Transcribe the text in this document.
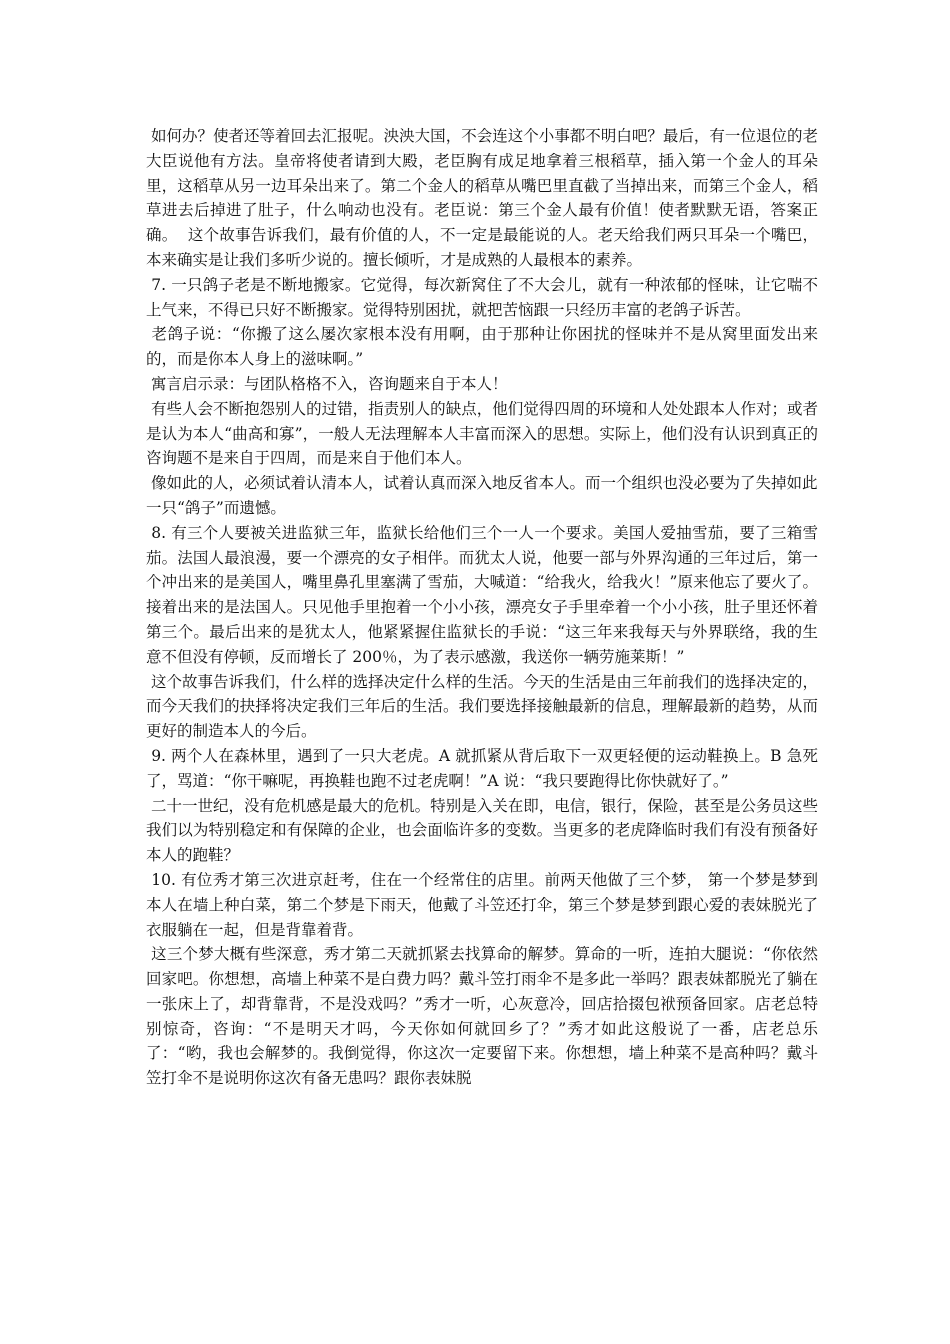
如何办？使者还等着回去汇报呢。泱泱大国，不会连这个小事都不明白吧？最后，有一位退位的老大臣说他有方法。皇帝将使者请到大殿，老臣胸有成足地拿着三根稻草，插入第一个金人的耳朵里，这稻草从另一边耳朵出来了。第二个金人的稻草从嘴巴里直截了当掉出来，而第三个金人，稻草进去后掉进了肚子，什么响动也没有。老臣说：第三个金人最有价值！使者默默无语，答案正确。  这个故事告诉我们，最有价值的人，不一定是最能说的人。老天给我们两只耳朵一个嘴巴，本来确实是让我们多听少说的。擅长倾听，才是成熟的人最根本的素养。

7. 一只鸽子老是不断地搬家。它觉得，每次新窝住了不大会儿，就有一种浓郁的怪味，让它喘不上气来，不得已只好不断搬家。觉得特别困扰，就把苦恼跟一只经历丰富的老鸽子诉苦。

老鸽子说：“你搬了这么屡次家根本没有用啊，由于那种让你困扰的怪味并不是从窝里面发出来的，而是你本人身上的滋味啊。”

寓言启示录：与团队格格不入，咨询题来自于本人！

有些人会不断抱怨别人的过错，指责别人的缺点，他们觉得四周的环境和人处处跟本人作对；或者是认为本人“曲高和寡”，一般人无法理解本人丰富而深入的思想。实际上，他们没有认识到真正的咨询题不是来自于四周，而是来自于他们本人。

像如此的人，必须试着认清本人，试着认真而深入地反省本人。而一个组织也没必要为了失掉如此

一只“鸽子”而遗憾。

8. 有三个人要被关进监狱三年，监狱长给他们三个一人一个要求。美国人爱抽雪茄，要了三箱雪茄。法国人最浪漫，要一个漂亮的女子相伴。而犹太人说，他要一部与外界沟通的三年过后，第一个冲出来的是美国人，嘴里鼻孔里塞满了雪茄，大喊道：“给我火，给我火！”原来他忘了要火了。接着出来的是法国人。只见他手里抱着一个小小孩，漂亮女子手里牵着一个小小孩，肚子里还怀着第三个。最后出来的是犹太人，他紧紧握住监狱长的手说：“这三年来我每天与外界联络，我的生意不但没有停顿，反而增长了 200％，为了表示感激，我送你一辆劳施莱斯！”

这个故事告诉我们，什么样的选择决定什么样的生活。今天的生活是由三年前我们的选择决定的，而今天我们的抉择将决定我们三年后的生活。我们要选择接触最新的信息，理解最新的趋势，从而更好的制造本人的今后。

9. 两个人在森林里，遇到了一只大老虎。A 就抓紧从背后取下一双更轻便的运动鞋换上。B 急死了，骂道：“你干嘛呢，再换鞋也跑不过老虎啊！”A 说：“我只要跑得比你快就好了。”

二十一世纪，没有危机感是最大的危机。特别是入关在即，电信，银行，保险，甚至是公务员这些我们以为特别稳定和有保障的企业，也会面临许多的变数。当更多的老虎降临时我们有没有预备好本人的跑鞋？

10. 有位秀才第三次进京赶考，住在一个经常住的店里。前两天他做了三个梦， 第一个梦是梦到本人在墙上种白菜，第二个梦是下雨天，他戴了斗笠还打伞，第三个梦是梦到跟心爱的表妹脱光了衣服躺在一起，但是背靠着背。

这三个梦大概有些深意，秀才第二天就抓紧去找算命的解梦。算命的一听，连拍大腿说：“你依然回家吧。你想想，高墙上种菜不是白费力吗？戴斗笠打雨伞不是多此一举吗？跟表妹都脱光了躺在一张床上了，却背靠背，不是没戏吗？”秀才一听，心灰意冷，回店拾掇包袱预备回家。店老总特别惊奇，咨询：“不是明天才吗，今天你如何就回乡了？”秀才如此这般说了一番，店老总乐了：“哟，我也会解梦的。我倒觉得，你这次一定要留下来。你想想，墙上种菜不是高种吗？戴斗笠打伞不是说明你这次有备无患吗？跟你表妹脱
